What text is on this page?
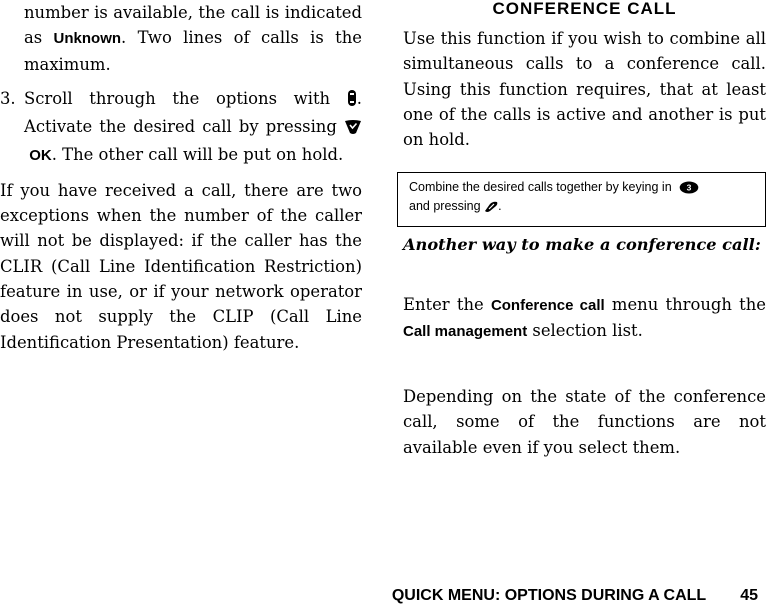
number is available, the call is indicated as Unknown. Two lines of calls is the maximum.
3. Scroll through the options with . Activate the desired call by pressing  OK. The other call will be put on hold.
If you have received a call, there are two exceptions when the number of the caller will not be displayed: if the caller has the CLIR (Call Line Identification Restriction) feature in use, or if your network operator does not supply the CLIP (Call Line Identification Presentation) feature.
CONFERENCE CALL
Use this function if you wish to combine all simultaneous calls to a conference call. Using this function requires, that at least one of the calls is active and another is put on hold.
Combine the desired calls together by keying in 3

and pressing .
Another way to make a conference call:
Enter the Conference call menu through the Call management selection list.
Depending on the state of the conference call, some of the functions are not available even if you select them.
QUICK MENU: OPTIONS DURING A CALL 45
